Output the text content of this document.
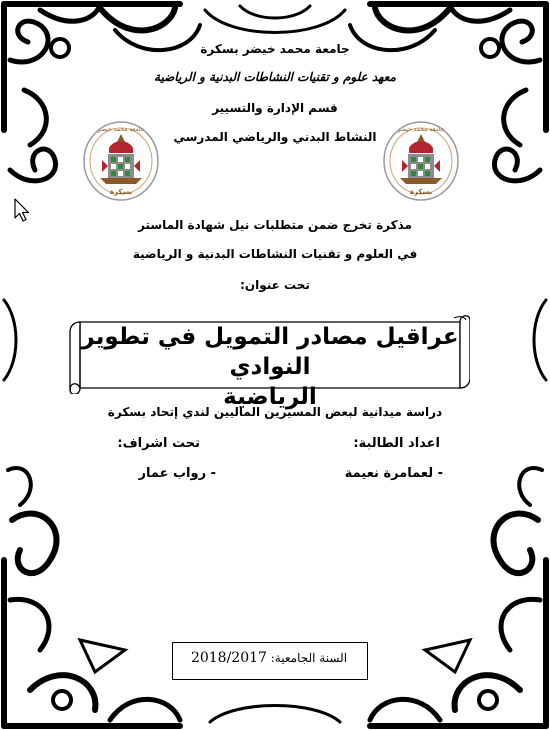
جامعة محمد خيضر بسكرة
معهد علوم و تقنيات النشاطات البدنية و الرياضية
قسم الإدارة والتسيير
النشاط البدني والرياضي المدرسي
جامعة محمد خيضر
بسكرة
جامعة محمد خيضر
بسكرة
مذكرة تخرج ضمن متطلبات نيل شهادة الماستر
في العلوم و تقنيات النشاطات البدنية و الرياضية
تحت عنوان:
عراقيل مصادر التمويل في تطوير النوادي
الرياضية
دراسة ميدانية لبعض المسيرين الماليين لندي إتحاد بسكرة
اعداد الطالبة:
تحت اشراف:
- لعمامرة نعيمة
- رواب عمار
السنة الجامعية: 2018/2017
